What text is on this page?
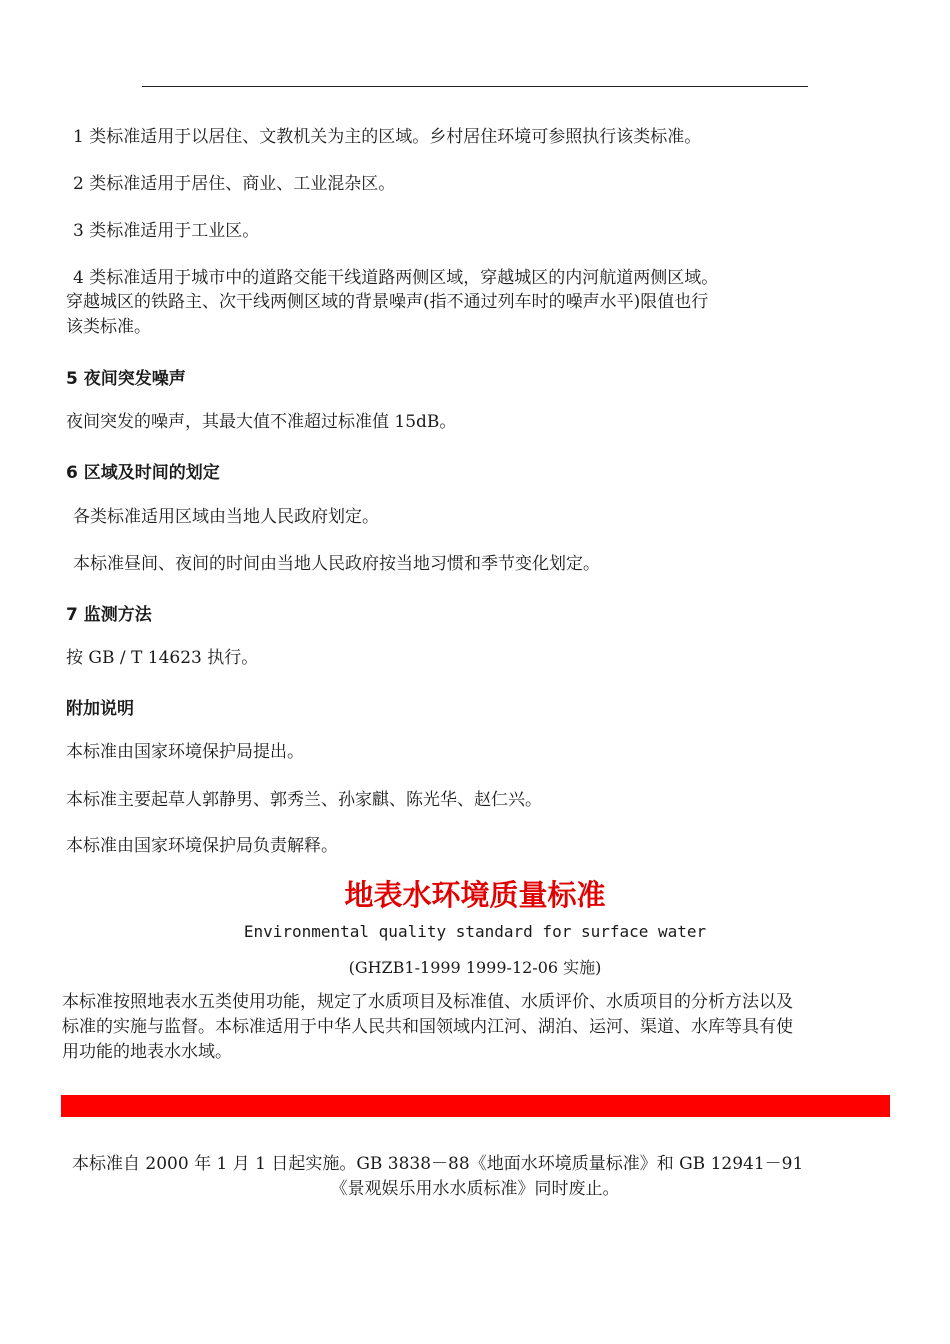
1 类标准适用于以居住、文教机关为主的区域。乡村居住环境可参照执行该类标准。
2 类标准适用于居住、商业、工业混杂区。
3 类标准适用于工业区。
4 类标准适用于城市中的道路交能干线道路两侧区域，穿越城区的内河航道两侧区域。
穿越城区的铁路主、次干线两侧区域的背景噪声(指不通过列车时的噪声水平)限值也行
该类标准。
5 夜间突发噪声
夜间突发的噪声，其最大值不准超过标准值 15dB。
6 区域及时间的划定
各类标准适用区域由当地人民政府划定。
本标准昼间、夜间的时间由当地人民政府按当地习惯和季节变化划定。
7 监测方法
按 GB / T 14623 执行。
附加说明
本标准由国家环境保护局提出。
本标准主要起草人郭静男、郭秀兰、孙家麒、陈光华、赵仁兴。
本标准由国家环境保护局负责解释。
地表水环境质量标准
Environmental quality standard for surface water
(GHZB1-1999 1999-12-06 实施)
本标准按照地表水五类使用功能，规定了水质项目及标准值、水质评价、水质项目的分析方法以及
标准的实施与监督。本标准适用于中华人民共和国领域内江河、湖泊、运河、渠道、水库等具有使
用功能的地表水水域。
本标准自 2000 年 1 月 1 日起实施。GB 3838－88《地面水环境质量标准》和 GB 12941－91
《景观娱乐用水水质标准》同时废止。
